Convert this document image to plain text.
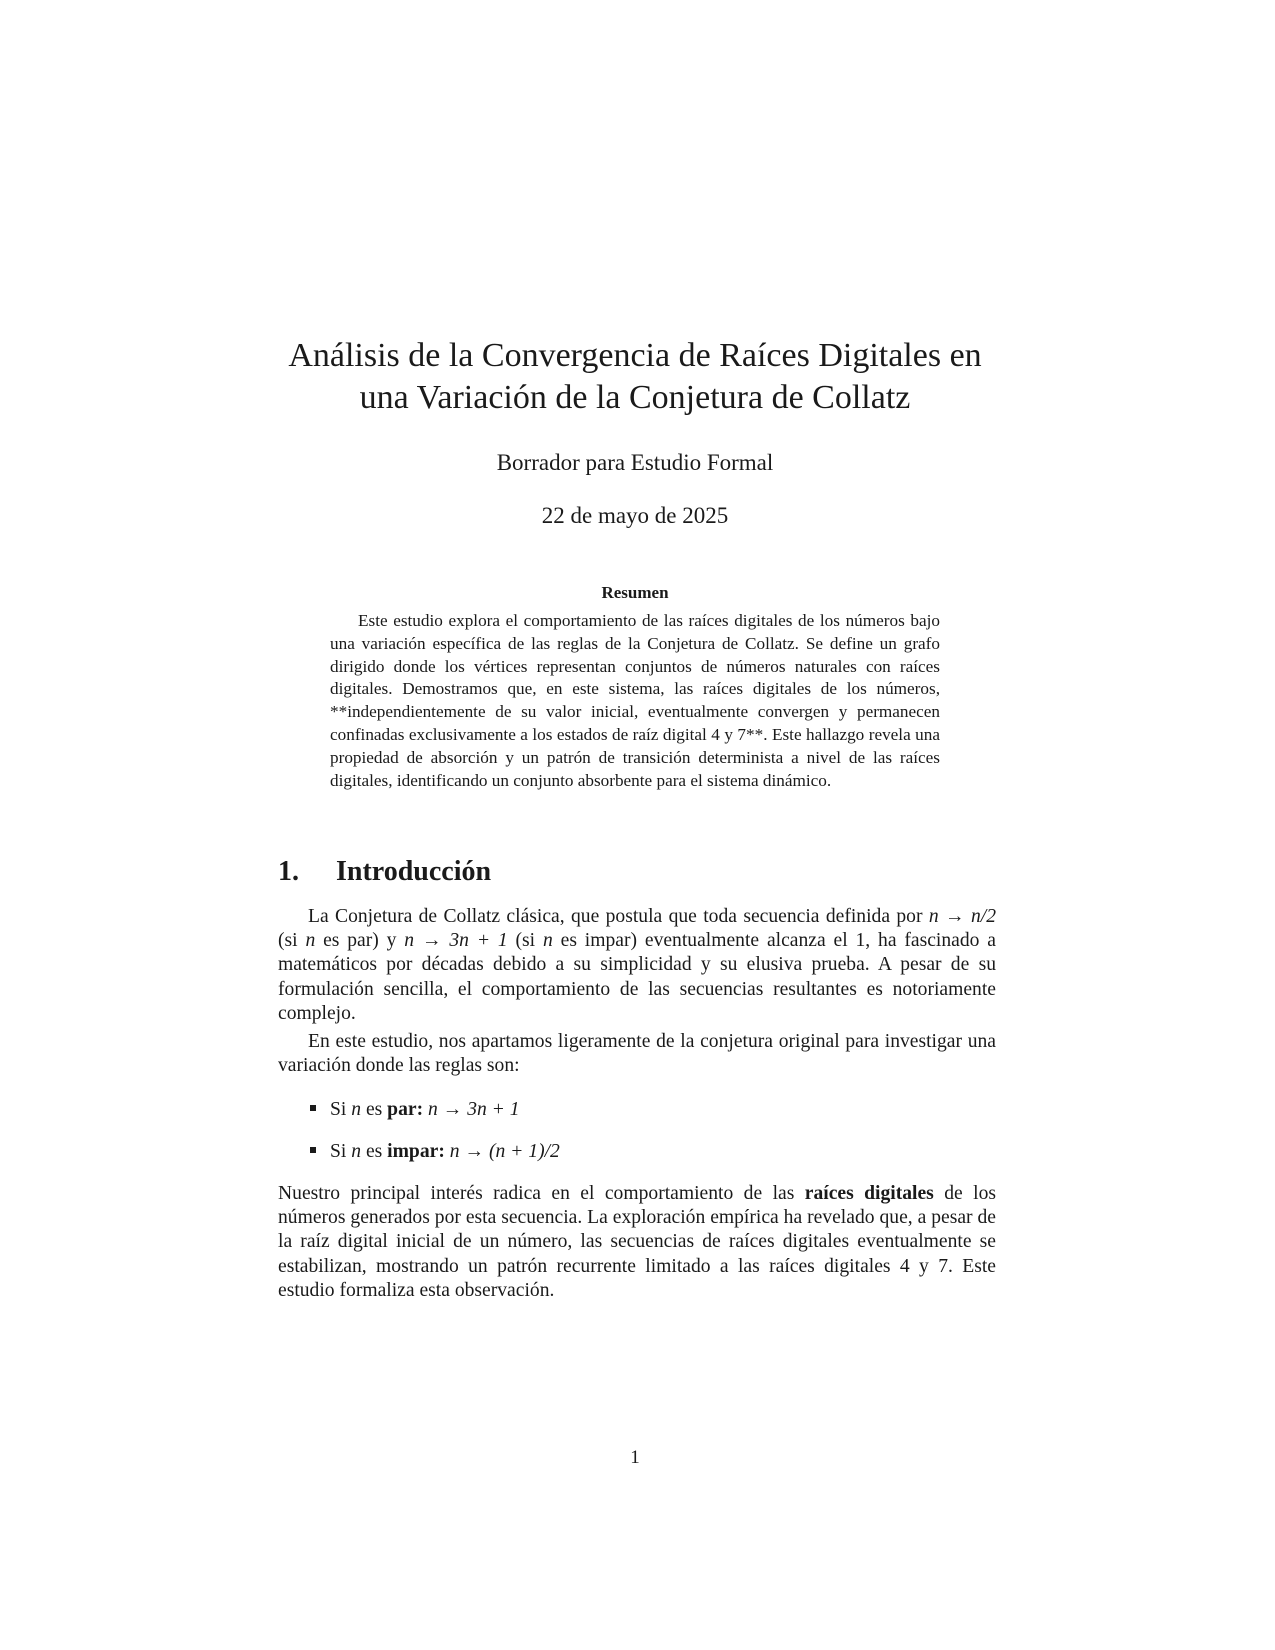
Análisis de la Convergencia de Raíces Digitales en
una Variación de la Conjetura de Collatz
Borrador para Estudio Formal
22 de mayo de 2025
Resumen
Este estudio explora el comportamiento de las raíces digitales de los números bajo una variación específica de las reglas de la Conjetura de Collatz. Se define un grafo dirigido donde los vértices representan conjuntos de números naturales con raíces digitales. Demostramos que, en este sistema, las raíces digitales de los números, **independientemente de su valor inicial, eventualmente convergen y permanecen confinadas exclusivamente a los estados de raíz digital 4 y 7**. Este hallazgo revela una propiedad de absorción y un patrón de transición determinista a nivel de las raíces digitales, identificando un conjunto absorbente para el sistema dinámico.
1. Introducción
La Conjetura de Collatz clásica, que postula que toda secuencia definida por n → n/2 (si n es par) y n → 3n + 1 (si n es impar) eventualmente alcanza el 1, ha fascinado a matemáticos por décadas debido a su simplicidad y su elusiva prueba. A pesar de su formulación sencilla, el comportamiento de las secuencias resultantes es notoriamente complejo.
En este estudio, nos apartamos ligeramente de la conjetura original para investigar una variación donde las reglas son:
Si n es par: n → 3n + 1
Si n es impar: n → (n + 1)/2
Nuestro principal interés radica en el comportamiento de las raíces digitales de los números generados por esta secuencia. La exploración empírica ha revelado que, a pesar de la raíz digital inicial de un número, las secuencias de raíces digitales eventualmente se estabilizan, mostrando un patrón recurrente limitado a las raíces digitales 4 y 7. Este estudio formaliza esta observación.
1
